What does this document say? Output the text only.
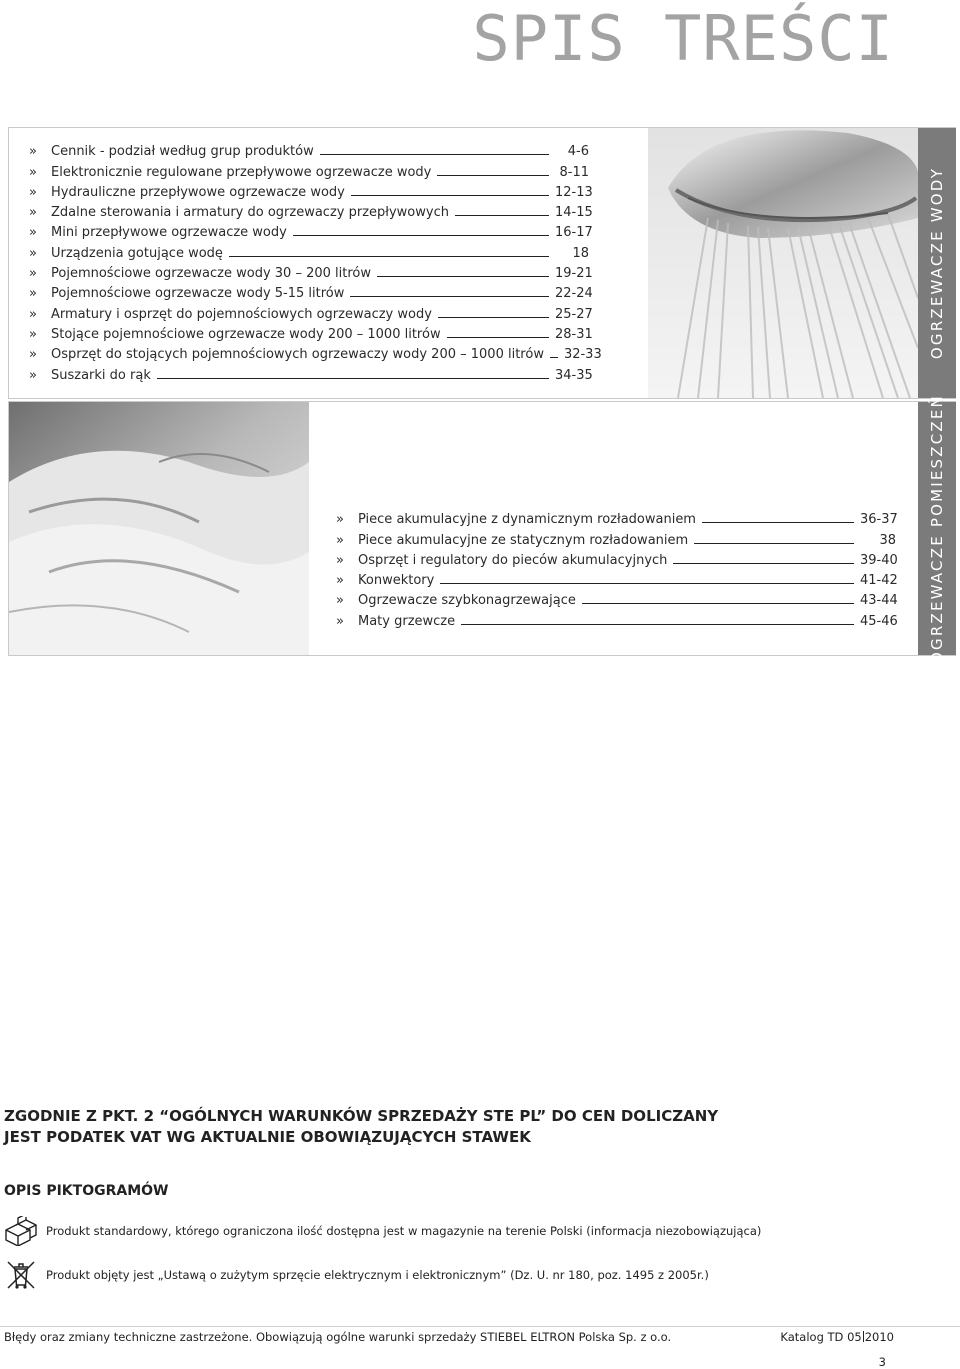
SPIS TREŚCI
OGRZEWACZE WODY
»	Cennik - podział według grup produktów	4-6
»	Elektronicznie regulowane przepływowe ogrzewacze wody	8-11
»	Hydrauliczne przepływowe ogrzewacze wody	12-13
»	Zdalne sterowania i armatury do ogrzewaczy przepływowych	14-15
»	Mini przepływowe ogrzewacze wody	16-17
»	Urządzenia gotujące wodę	18
»	Pojemnościowe ogrzewacze wody 30 – 200 litrów	19-21
»	Pojemnościowe ogrzewacze wody 5-15 litrów	22-24
»	Armatury i osprzęt do pojemnościowych ogrzewaczy wody	25-27
»	Stojące pojemnościowe ogrzewacze wody 200 – 1000 litrów	28-31
»	Osprzęt do stojących pojemnościowych ogrzewaczy wody 200 – 1000 litrów 32-33
»	Suszarki do rąk	34-35
OGRZEWACZE POMIESZCZEŃ
»	Piece akumulacyjne z dynamicznym rozładowaniem	36-37
»	Piece akumulacyjne ze statycznym rozładowaniem	38
»	Osprzęt i regulatory do pieców akumulacyjnych	39-40
»	Konwektory	41-42
»	Ogrzewacze szybkonagrzewające	43-44
»	Maty grzewcze	45-46
ZGODNIE Z PKT. 2 “OGÓLNYCH WARUNKÓW SPRZEDAŻY STE PL” DO CEN DOLICZANY JEST PODATEK VAT WG AKTUALNIE OBOWIĄZUJĄCYCH STAWEK
OPIS PIKTOGRAMÓW
Produkt standardowy, którego ograniczona ilość dostępna jest w magazynie na terenie Polski (informacja niezobowiązująca)
Produkt objęty jest „Ustawą o zużytym sprzęcie elektrycznym i elektronicznym” (Dz. U. nr 180, poz. 1495 z 2005r.)
Błędy oraz zmiany techniczne zastrzeżone. Obowiązują ogólne warunki sprzedaży STIEBEL ELTRON Polska Sp. z o.o.	Katalog TD 05 2010
3
